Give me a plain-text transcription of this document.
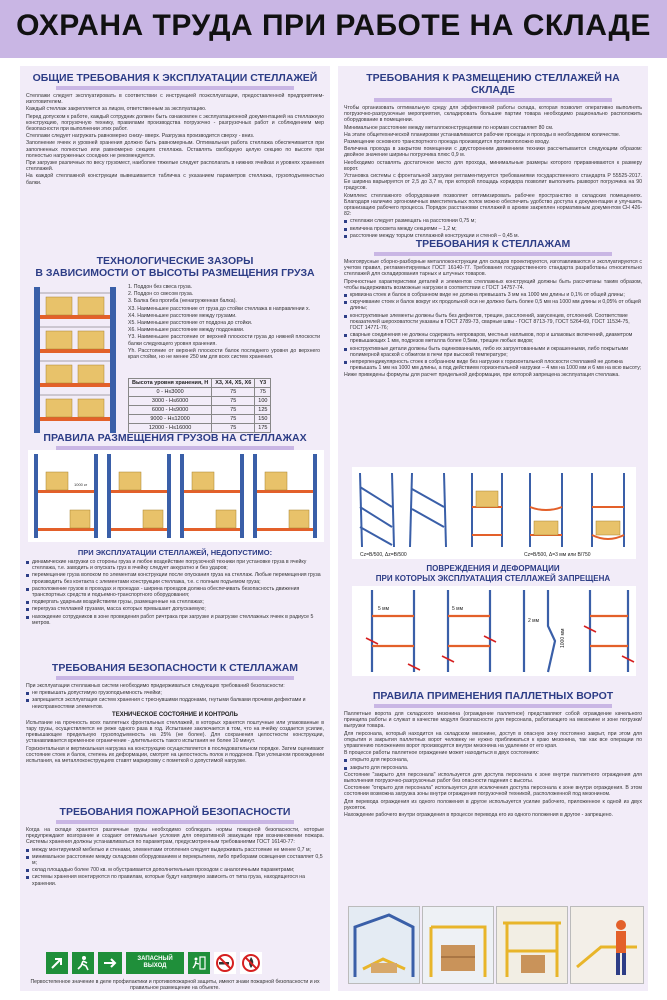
ОХРАНА ТРУДА ПРИ РАБОТЕ НА СКЛАДЕ
ОБЩИЕ ТРЕБОВАНИЯ К ЭКСПЛУАТАЦИИ СТЕЛЛАЖЕЙ
Стеллажи следует эксплуатировать в соответствии с инструкцией поэксплуатации, предоставленной предприятием-изготовителем.
Каждый стеллаж закрепляется за лицом, ответственным за эксплуатацию.
Перед допуском к работе, каждый сотрудник должен быть ознакомлен с эксплуатационной документацией на стеллажную конструкцию, погрузочную технику, правилами производства погрузочно - разгрузочных работ и соблюдением мер безопасности при выполнении этих работ.
Стеллажи следует нагружать равномерно снизу- вверх. Разгрузка производится сверху - вниз.
Заполнение ячеек и уровней хранения должно быть равномерным. Оптимальная работа стеллажа обеспечивается при заполненных полностью или равномерно секциях стеллажа. Оставлять свободную целую секцию по высоте при полностью нагруженных соседних не рекомендуется.
При загрузке различных по весу грузомест, наиболее тяжелые следует располагать в нижних ячейках и уровнях хранения стеллажей.
На каждой стеллажной конструкции вывешивается табличка с указанием параметров стеллажа, грузоподъемностью балки.
ТЕХНОЛОГИЧЕСКИЕ ЗАЗОРЫ
В ЗАВИСИМОСТИ ОТ ВЫСОТЫ РАЗМЕЩЕНИЯ ГРУЗА
1. Поддон без свеса груза.
2. Поддон со свесом груза.
3. Балка без прогиба (ненагруженная балка).
Х3. Наименьшее расстояние от груза до стойки стеллажа в направлении х.
Х4. Наименьшее расстояние между грузами.
Х5. Наименьшее расстояние от поддона до стойки.
Х6. Наименьшее расстояние между поддонами.
Y3. Наименьшее расстояние от верхней плоскости груза до нижней плоскости балки следующего уровня хранения.
Yh. Расстояние от верхней плоскости балок последнего уровня до верхнего края стойки, но не менее 250 мм для всех систем хранения.
Высота уровня хранения, H	X3, X4, X5, X6	Y3
0 - H≤3000	75	75
3000 - H≤6000	75	100
6000 - H≤9000	75	125
9000 - H≤12000	75	150
12000 - H≤16000	75	175
ПРАВИЛА РАЗМЕЩЕНИЯ ГРУЗОВ НА СТЕЛЛАЖАХ
1000 кг
ПРИ ЭКСПЛУАТАЦИИ СТЕЛЛАЖЕЙ, НЕДОПУСТИМО:
динамические нагрузки со стороны груза и любое воздействие погрузочной техники при установке груза в ячейку стеллажа, т.е. заводить и опускать груз в ячейку следует аккуратно и без ударов;
перемещение груза волоком по элементам конструкции после опускания груза на стеллаж. Любые перемещения груза производить без контакта с элементами конструкции стеллажа, т.е. с полным подъемом груза;
расположение грузов в проходах и проездах - ширина проездов должна обеспечивать безопасность движения транспортных средств и подъемно-транспортного оборудования;
подвергать ударным воздействиям грузы, размещенные на стеллажах;
перегруза стеллажей грузами, масса которых превышает допускаемую;
нахождение сотрудников в зоне проведения работ ричтрака при загрузке и разгрузке стеллажных ячеек в радиусе 5 метров.
ТРЕБОВАНИЯ БЕЗОПАСНОСТИ К СТЕЛЛАЖАМ
При эксплуатации стеллажных систем необходимо придерживаться следующих требований безопасности:
не превышать допустимую грузоподъемность ячейки;
запрещается эксплуатация систем хранения с треснувшими поддонами, гнутыми балками прочими дефектами и неисправностями элементов.
ТЕХНИЧЕСКОЕ СОСТОЯНИЕ И КОНТРОЛЬ
Испытание на прочность всех паллетных фронтальных стеллажей, в которых хранятся поштучные или упакованные в тару грузы, осуществляется не реже одного раза в год. Испытание заключается в том, что на ячейку создается усилие, превышающее предельную грузоподъемность на 25% (не более). Для сохранения целостности конструкции, устанавливается временное ограничение - длительность такого испытания не более 10 минут.
Горизонтальная и вертикальная нагрузка на конструкцию осуществляется в последовательном порядке. Затем оценивают состояние стоек и балок, степень их деформации, смотрят на целостность полок и поддонов. При успешном прохождении испытания, на металлоконструкциях ставят маркировку с пометкой о допустимой нагрузке.
ТРЕБОВАНИЯ ПОЖАРНОЙ БЕЗОПАСНОСТИ
Когда на складе хранятся различные грузы необходимо соблюдать нормы пожарной безопасности, которые предупреждают возгорание и создают оптимальные условия для оперативной эвакуации при возникновении пожара. Системы хранения должны устанавливаться по параметрам, предусмотренным требованиями ГОСТ 16140-77:
между монтируемой мебелью и стенами, элементами отопления следует выдерживать расстояние не менее 0,7 м;
минимальное расстояние между складским оборудованием и перекрытием, либо приборами освещения составляет 0,5 м;
склад площадью более 700 кв. м обустраивается дополнительным проходом с аналогичными параметрами;
системы хранения монтируются по правилам, которые будут напрямую зависеть от типа груза, находящегося на хранении.
ЗАПАСНЫЙ ВЫХОД
Первостепенное значение в деле профилактики и противопожарной защиты, имеют знаки пожарной безопасности и их правильное размещение на объекте.
ТРЕБОВАНИЯ К РАЗМЕЩЕНИЮ СТЕЛЛАЖЕЙ НА СКЛАДЕ
Чтобы организовать оптимальную среду для эффективной работы склада, которая позволит оперативно выполнять погрузочно-разгрузочные мероприятия, складировать большие партии товара необходимо рационально расположить оборудование в помещении.
Минимальное расстояние между металлоконструкциями по нормам составляет 80 см.
На этапе общетехнической планировки устанавливаются рабочие проезды и проходы в необходимом количестве.
Размещение основного транспортного проезда производится противоположно входу.
Величина прохода в закрытом помещении с двусторонним движением техники рассчитывается следующим образом: двойное значение ширины погрузчика плюс 0,9 м.
Необходимо оставлять достаточное место для прохода, минимальные размеры которого приравниваются к размеру ворот.
Установка системы с фронтальной загрузки регламентируется требованиями государственного стандарта Р 55525-2017. Ее ширина варьируется от 2,5 до 3,7 м, при которой площадь коридора позволит выполнить разворот погрузчика на 90 градусов.
Комплекс стеллажного оборудования позволяет оптимизировать рабочее пространство в складских помещениях. Благодаря наличию эргономичных вместительных полок можно обеспечить удобство доступа к документации и улучшить организацию рабочего процесса. Порядок расстановки стеллажей в архиве закреплен нормативным документом СН 426-82:
стеллажи следует размещать на расстоянии 0,75 м;
величина просвета между секциями – 1,2 м;
расстояние между торцом стеллажной конструкции и стеной – 0,45 м.
ТРЕБОВАНИЯ К СТЕЛЛАЖАМ
Многоярусные сборно-разборные металлоконструкции для складов проектируются, изготавливаются и эксплуатируются с учетом правил, регламентируемых ГОСТ 16140-77. Требования государственного стандарта разработаны относительно стеллажей для складирования тарных и штучных товаров.
Прочностные характеристики деталей и элементов стеллажных конструкций должны быть рассчитаны таким образом, чтобы выдерживать возможные нагрузки в соответствии с ГОСТ 14757-74.
кривизна стоек и балок в собранном виде не должна превышать 3 мм на 1000 мм длины и 0,1% от общей длины;
скручивание стоек и балок вокруг их продольной оси не должно быть более 0,5 мм на 1000 мм длины и 0,05% от общей длины;
конструктивные элементы должны быть без дефектов, трещин, расслоений, закусенцев, отслоений. Соответствие показателей шероховатости указаны в ГОСТ 2789-73, сварные швы - ГОСТ 8713-79, ГОСТ 5264-69, ГОСТ 11534-75, ГОСТ 14771-76;
сварные соединения не должны содержать непроваров, местных наплывов, пор и шлаковых включений, диаметром превышающих 1 мм, подрезов металла более 0,5мм, трещин любых видов;
конструктивные детали должны быть оцинкованными, либо их загрунтованными и окрашенными, либо покрытыми полимерной краской с обжигом в печи при высокой температуре;
непрерпендикулярность стоек в собранном виде без нагрузки к горизонтальной плоскости стеллажей не должна превышать 1 мм на 1000 мм длины, а под действием горизонтальной нагрузки – 4 мм на 1000 мм и 6 мм на всю высоту;
Ниже приведены формулы для расчет предельной деформации, при которой запрещена эксплуатация стеллажа.
Cz=B/500, Δz=B/500	Cz=B/500, Δ=3 мм или B/750
ПОВРЕЖДЕНИЯ И ДЕФОРМАЦИИ
ПРИ КОТОРЫХ ЭКСПЛУАТАЦИЯ СТЕЛЛАЖЕЙ ЗАПРЕЩЕНА
5 мм	5 мм
2 мм
1000 мм
ПРАВИЛА ПРИМЕНЕНИЯ ПАЛЛЕТНЫХ ВОРОТ
Паллетные ворота для складского мезонина (ограждение паллетное) представляют собой ограждение качельного принципа работы и служат в качестве модуля безопасности для персонала, работающего на мезонине и зоне погрузки/выгрузки товара.
Для персонала, который находится на складском мезонине, доступ в опасную зону постоянно закрыт, при этом для открытия и закрытия паллетных ворот человеку не нужно приближаться к краю мезонина, так как все операции по управлению положением ворот производятся внутри мезонина на удалении от его края.
В процессе работы паллетное ограждение может находиться в двух состояниях:
открыто для персонала,
закрыто для персонала.
Состояние "закрыто для персонала" используется для доступа персонала к зоне внутри паллетного ограждения для выполнения погрузочно-разгрузочных работ без опасности падения с высоты.
Состояние "открыто для персонала" используется для исключения доступа персонала к зоне внутри ограждения. В этом состоянии возможна загрузка зоны внутри ограждения погрузочной техникой, расположенной под мезонином.
Для перевода ограждения из одного положения в другое используется усилие рабочего, приложенное к одной из двух рукояток.
Нахождение рабочего внутри ограждения в процессе перевода его из одного положения в другое - запрещено.
